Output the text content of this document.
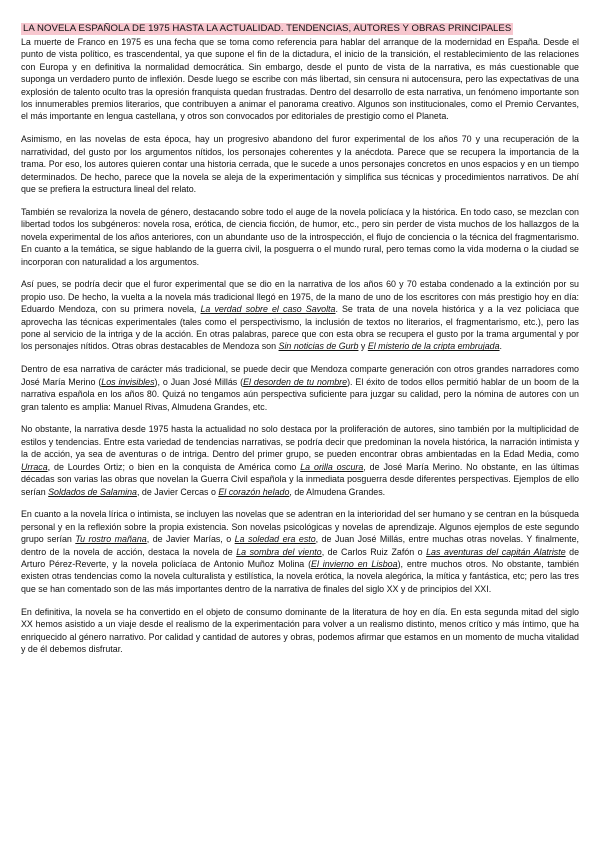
LA NOVELA ESPAÑOLA DE 1975 HASTA LA ACTUALIDAD. TENDENCIAS, AUTORES Y OBRAS PRINCIPALES

La muerte de Franco en 1975 es una fecha que se toma como referencia para hablar del arranque de la modernidad en España. Desde el punto de vista político, es trascendental, ya que supone el fin de la dictadura, el inicio de la transición, el restablecimiento de las relaciones con Europa y en definitiva la normalidad democrática. Sin embargo, desde el punto de vista de la narrativa, es más cuestionable que suponga un verdadero punto de inflexión. Desde luego se escribe con más libertad, sin censura ni autocensura, pero las expectativas de una explosión de talento oculto tras la opresión franquista quedan frustradas. Dentro del desarrollo de esta narrativa, un fenómeno importante son los innumerables premios literarios, que contribuyen a animar el panorama creativo. Algunos son institucionales, como el Premio Cervantes, el más importante en lengua castellana, y otros son convocados por editoriales de prestigio como el Planeta.

Asimismo, en las novelas de esta época, hay un progresivo abandono del furor experimental de los años 70 y una recuperación de la narratividad, del gusto por los argumentos nítidos, los personajes coherentes y la anécdota. Parece que se recupera la importancia de la trama. Por eso, los autores quieren contar una historia cerrada, que le sucede a unos personajes concretos en unos espacios y en un tiempo determinados. De hecho, parece que la novela se aleja de la experimentación y simplifica sus técnicas y procedimientos narrativos. De ahí que se prefiera la estructura lineal del relato.

También se revaloriza la novela de género, destacando sobre todo el auge de la novela policíaca y la histórica. En todo caso, se mezclan con libertad todos los subgéneros: novela rosa, erótica, de ciencia ficción, de humor, etc., pero sin perder de vista muchos de los hallazgos de la novela experimental de los años anteriores, con un abundante uso de la introspección, el flujo de conciencia o la técnica del fragmentarismo. En cuanto a la temática, se sigue hablando de la guerra civil, la posguerra o el mundo rural, pero temas como la vida moderna o la ciudad se incorporan con naturalidad a los argumentos.

Así pues, se podría decir que el furor experimental que se dio en la narrativa de los años 60 y 70 estaba condenado a la extinción por su propio uso. De hecho, la vuelta a la novela más tradicional llegó en 1975, de la mano de uno de los escritores con más prestigio hoy en día: Eduardo Mendoza, con su primera novela, La verdad sobre el caso Savolta. Se trata de una novela histórica y a la vez policiaca que aprovecha las técnicas experimentales (tales como el perspectivismo, la inclusión de textos no literarios, el fragmentarismo, etc.), pero las pone al servicio de la intriga y de la acción. En otras palabras, parece que con esta obra se recupera el gusto por la trama argumental y por los personajes nítidos. Otras obras destacables de Mendoza son Sin noticias de Gurb y El misterio de la cripta embrujada.

Dentro de esa narrativa de carácter más tradicional, se puede decir que Mendoza comparte generación con otros grandes narradores como José María Merino (Los invisibles), o Juan José Millás (El desorden de tu nombre). El éxito de todos ellos permitió hablar de un boom de la narrativa española en los años 80. Quizá no tengamos aún perspectiva suficiente para juzgar su calidad, pero la nómina de autores con un gran talento es amplia: Manuel Rivas, Almudena Grandes, etc.

No obstante, la narrativa desde 1975 hasta la actualidad no solo destaca por la proliferación de autores, sino también por la multiplicidad de estilos y tendencias. Entre esta variedad de tendencias narrativas, se podría decir que predominan la novela histórica, la narración intimista y la de acción, ya sea de aventuras o de intriga. Dentro del primer grupo, se pueden encontrar obras ambientadas en la Edad Media, como Urraca, de Lourdes Ortiz; o bien en la conquista de América como La orilla oscura, de José María Merino. No obstante, en las últimas décadas son varias las obras que novelan la Guerra Civil española y la inmediata posguerra desde diferentes perspectivas. Ejemplos de ello serían Soldados de Salamina, de Javier Cercas o El corazón helado, de Almudena Grandes.

En cuanto a la novela lírica o intimista, se incluyen las novelas que se adentran en la interioridad del ser humano y se centran en la búsqueda personal y en la reflexión sobre la propia existencia. Son novelas psicológicas y novelas de aprendizaje. Algunos ejemplos de este segundo grupo serían Tu rostro mañana, de Javier Marías, o La soledad era esto, de Juan José Millás, entre muchas otras novelas. Y finalmente, dentro de la novela de acción, destaca la novela de La sombra del viento, de Carlos Ruiz Zafón o Las aventuras del capitán Alatriste de Arturo Pérez-Reverte, y la novela policíaca de Antonio Muñoz Molina (El invierno en Lisboa), entre muchos otros. No obstante, también existen otras tendencias como la novela culturalista y estilística, la novela erótica, la novela alegórica, la mítica y fantástica, etc; pero las tres que se han comentado son de las más importantes dentro de la narrativa de finales del siglo XX y de principios del XXI.

En definitiva, la novela se ha convertido en el objeto de consumo dominante de la literatura de hoy en día. En esta segunda mitad del siglo XX hemos asistido a un viaje desde el realismo de la experimentación para volver a un realismo distinto, menos crítico y más íntimo, que ha enriquecido al género narrativo. Por calidad y cantidad de autores y obras, podemos afirmar que estamos en un momento de mucha vitalidad y de él debemos disfrutar.
